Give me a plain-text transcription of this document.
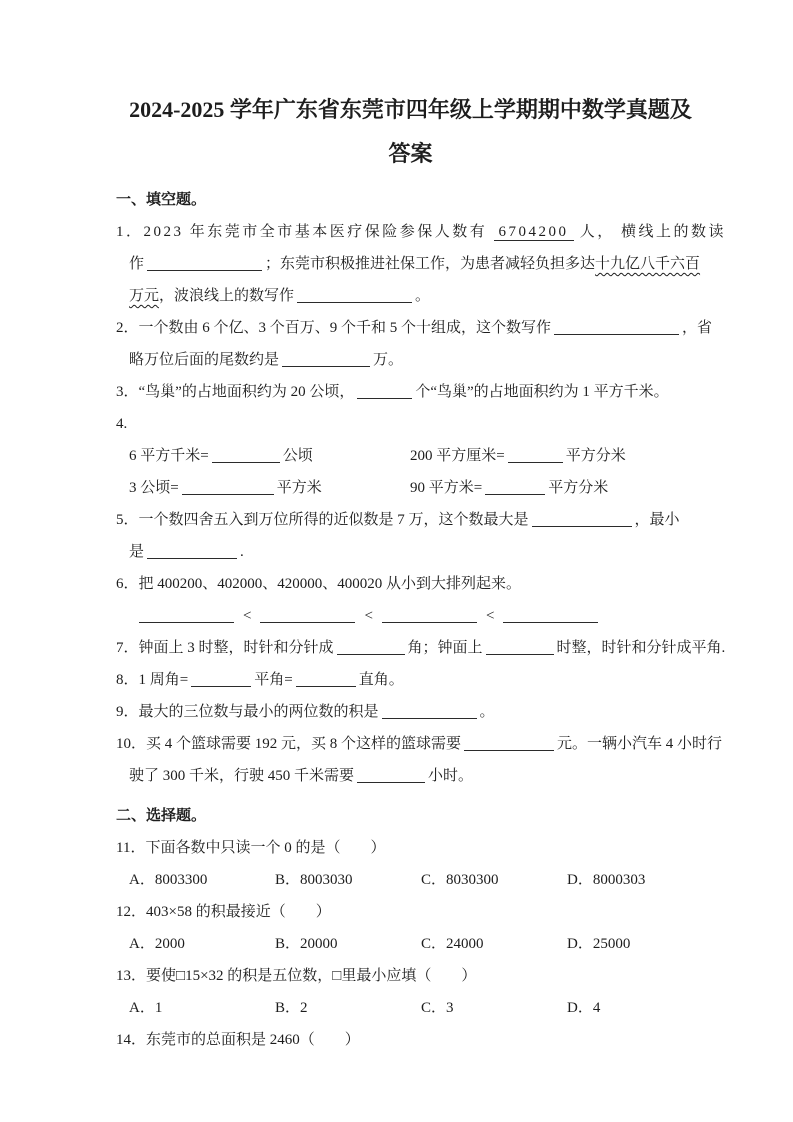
2024-2025 学年广东省东莞市四年级上学期期中数学真题及
答案
一、填空题。
1．2023 年东莞市全市基本医疗保险参保人数有 6704200 人， 横线上的数读
作	；东莞市积极推进社保工作，为患者减轻负担多达十九亿八千六百
万元，波浪线上的数写作	。
2．一个数由 6 个亿、3 个百万、9 个千和 5 个十组成，这个数写作	，省
略万位后面的尾数约是	万。
3．“鸟巢”的占地面积约为 20 公顷，	个“鸟巢”的占地面积约为 1 平方千米。
4.
6 平方千米=	公顷	200 平方厘米=	平方分米
3 公顷=	平方米	90 平方米=	平方分米
5．一个数四舍五入到万位所得的近似数是 7 万，这个数最大是	，最小
是	.
6．把 400200、402000、420000、400020 从小到大排列起来。
<	<	<
7．钟面上 3 时整，时针和分针成	角；钟面上	时整，时针和分针成平角.
8．1 周角=	平角=	直角。
9．最大的三位数与最小的两位数的积是	。
10．买 4 个篮球需要 192 元，买 8 个这样的篮球需要	元。一辆小汽车 4 小时行
驶了 300 千米，行驶 450 千米需要	小时。
二、选择题。
11．下面各数中只读一个 0 的是（　　）
A．8003300	B．8003030	C．8030300	D．8000303
12．403×58 的积最接近（　　）
A．2000	B．20000	C．24000	D．25000
13．要使□15×32 的积是五位数，□里最小应填（　　）
A．1	B．2	C．3	D．4
14．东莞市的总面积是 2460（　　）
